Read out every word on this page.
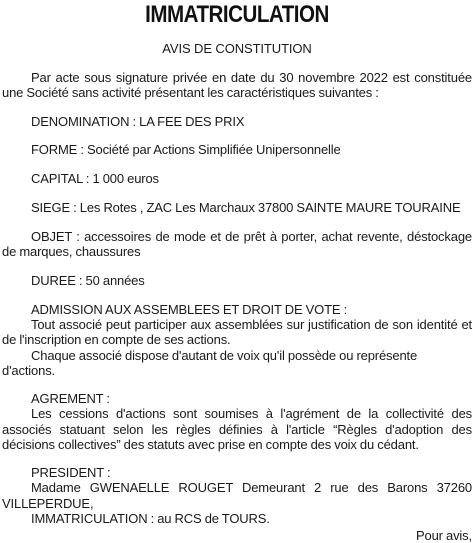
IMMATRICULATION

AVIS DE CONSTITUTION

Par acte sous signature privée en date du 30 novembre 2022 est constituée une Société sans activité présentant les caractéristiques suivantes :

DENOMINATION : LA FEE DES PRIX

FORME : Société par Actions Simplifiée Unipersonnelle

CAPITAL : 1 000 euros

SIEGE : Les Rotes , ZAC Les Marchaux 37800 SAINTE MAURE TOURAINE

OBJET : accessoires de mode et de prêt à porter, achat revente, déstockage de marques, chaussures

DUREE : 50 années

ADMISSION AUX ASSEMBLEES ET DROIT DE VOTE :

Tout associé peut participer aux assemblées sur justification de son identité et de l'inscription en compte de ses actions.

Chaque associé dispose d'autant de voix qu'il possède ou représente d'actions.

AGREMENT :

Les cessions d'actions sont soumises à l'agrément de la collectivité des associés statuant selon les règles définies à l'article “Règles d'adoption des décisions collectives” des statuts avec prise en compte des voix du cédant.

PRESIDENT :

Madame GWENAELLE ROUGET Demeurant 2 rue des Barons 37260 VILLEPERDUE,

IMMATRICULATION : au RCS de TOURS.

Pour avis,
